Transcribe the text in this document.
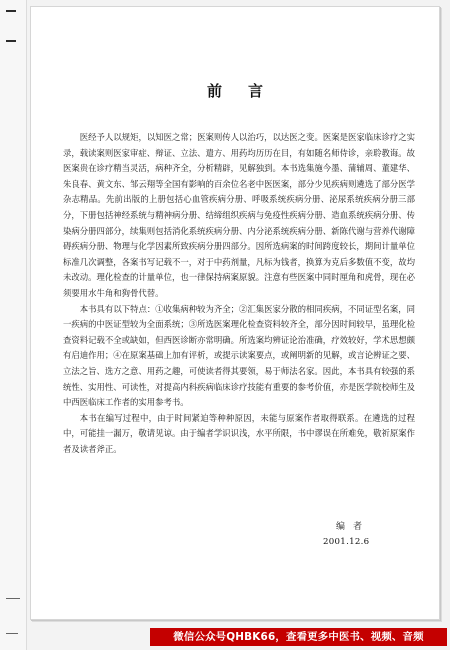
前言

医经予人以规矩，以知医之常；医案则传人以治巧，以达医之变。医案是医家临床诊疗之实录，载读案则医家审症、辩证、立法、遣方、用药均历历在目，有如随名师侍诊，亲聆教诲。故医案贵在诊疗精当灵活，病种齐全，分析精辟，见解独到。本书选集施今墨、蒲辅周、董建华、朱良春、黄文东、邹云翔等全国有影响的百余位名老中医医案，部分少见疾病则遴选了部分医学杂志精品。先前出版的上册包括心血管疾病分册、呼吸系统疾病分册、泌尿系统疾病分册三部分，下册包括神经系统与精神病分册、结缔组织疾病与免疫性疾病分册、造血系统疾病分册、传染病分册四部分，续集则包括消化系统疾病分册、内分泌系统疾病分册、新陈代谢与营养代谢障碍疾病分册、物理与化学因素所致疾病分册四部分。因所选病案的时间跨度较长，期间计量单位标准几次调整，各案书写记载不一，对于中药剂量，凡标为钱者，换算为克后多数值不变，故均未改动。理化检查的计量单位，也一律保持病案原貌。注意有些医案中同时厘角和虎骨，现在必须要用水牛角和狗骨代替。

本书具有以下特点：①收集病种较为齐全；②汇集医家分散的相同疾病，不同证型名案，同一疾病的中医证型较为全面系统；③所选医案理化检查资料较齐全，部分因时间较早，虽理化检查资料记载不全或缺如，但西医诊断亦常明确。所选案均辨证论治准确，疗效较好，学术思想颇有启迪作用；④在原案基础上加有评析，或提示读案要点，或阐明新的见解，或言论辨证之要、立法之旨、选方之意、用药之趣，可使读者得其要领，易于师法名家。因此，本书具有较强的系统性、实用性、可读性，对提高内科疾病临床诊疗技能有重要的参考价值，亦是医学院校师生及中西医临床工作者的实用参考书。

本书在编写过程中，由于时间紧迫等种种原因，未能与原案作者取得联系。在遴选的过程中，可能挂一漏万，敬请见谅。由于编者学识识浅，水平所限，书中谬误在所难免，敬祈原案作者及读者斧正。

编者
2001.12.6
微信公众号QHBK66，查看更多中医书、视频、音频
